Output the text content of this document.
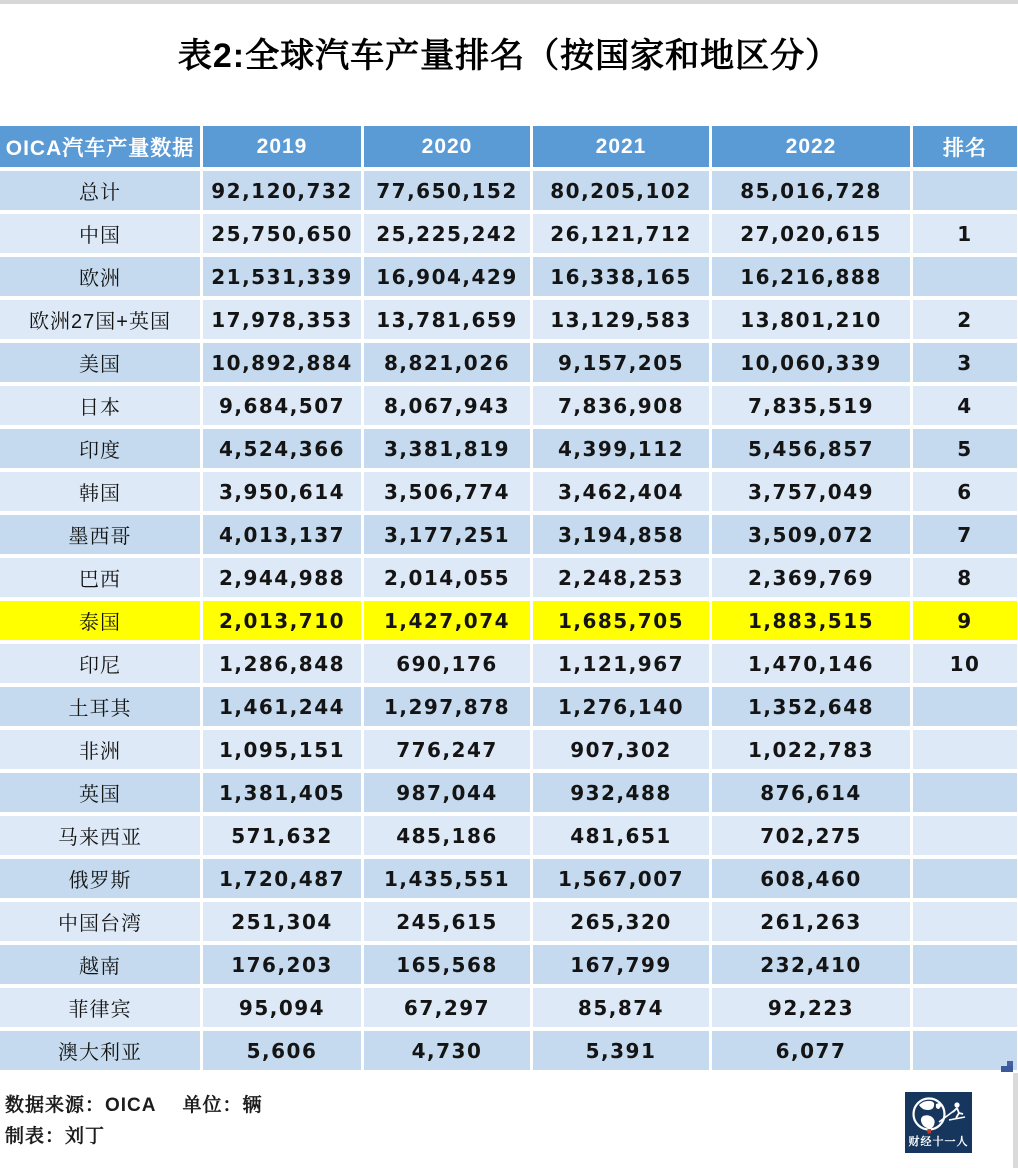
表2:全球汽车产量排名（按国家和地区分）
OICA汽车产量数据	2019	2020	2021	2022	排名
总计	92,120,732	77,650,152	80,205,102	85,016,728	
中国	25,750,650	25,225,242	26,121,712	27,020,615	1
欧洲	21,531,339	16,904,429	16,338,165	16,216,888	
欧洲27国+英国	17,978,353	13,781,659	13,129,583	13,801,210	2
美国	10,892,884	8,821,026	9,157,205	10,060,339	3
日本	9,684,507	8,067,943	7,836,908	7,835,519	4
印度	4,524,366	3,381,819	4,399,112	5,456,857	5
韩国	3,950,614	3,506,774	3,462,404	3,757,049	6
墨西哥	4,013,137	3,177,251	3,194,858	3,509,072	7
巴西	2,944,988	2,014,055	2,248,253	2,369,769	8
泰国	2,013,710	1,427,074	1,685,705	1,883,515	9
印尼	1,286,848	690,176	1,121,967	1,470,146	10
土耳其	1,461,244	1,297,878	1,276,140	1,352,648	
非洲	1,095,151	776,247	907,302	1,022,783	
英国	1,381,405	987,044	932,488	876,614	
马来西亚	571,632	485,186	481,651	702,275	
俄罗斯	1,720,487	1,435,551	1,567,007	608,460	
中国台湾	251,304	245,615	265,320	261,263	
越南	176,203	165,568	167,799	232,410	
菲律宾	95,094	67,297	85,874	92,223	
澳大利亚	5,606	4,730	5,391	6,077	
数据来源：OICA 单位：辆
制表：刘丁	财经十一人
